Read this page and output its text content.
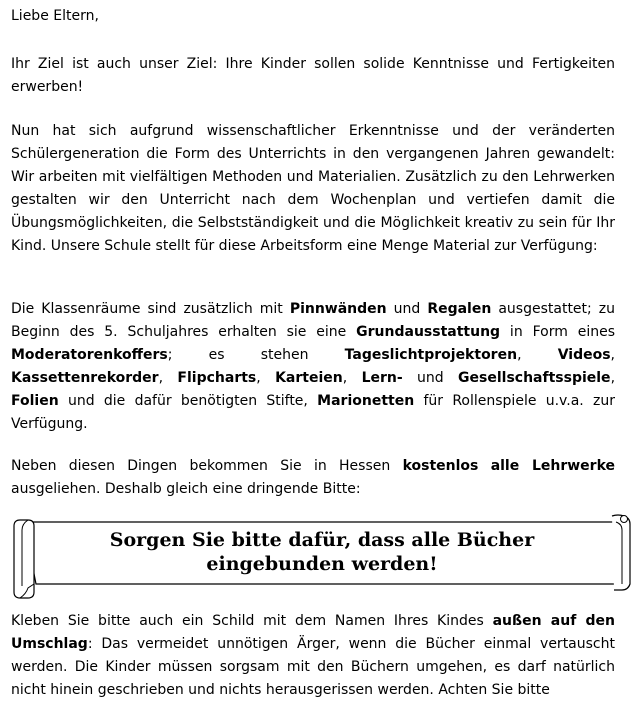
Liebe Eltern,

Ihr Ziel ist auch unser Ziel: Ihre Kinder sollen solide Kenntnisse und Fertigkeiten erwerben!

Nun hat sich aufgrund wissenschaftlicher Erkenntnisse und der veränderten Schülergeneration die Form des Unterrichts in den vergangenen Jahren gewandelt: Wir arbeiten mit vielfältigen Methoden und Materialien. Zusätzlich zu den Lehrwerken gestalten wir den Unterricht nach dem Wochenplan und vertiefen damit die Übungsmöglichkeiten, die Selbstständigkeit und die Möglichkeit kreativ zu sein für Ihr Kind. Unsere Schule stellt für diese Arbeitsform eine Menge Material zur Verfügung:

Die Klassenräume sind zusätzlich mit Pinnwänden und Regalen ausgestattet; zu Beginn des 5. Schuljahres erhalten sie eine Grundausstattung in Form eines Moderatorenkoffers; es stehen Tageslichtprojektoren, Videos, Kassettenrekorder, Flipcharts, Karteien, Lern- und Gesellschaftsspiele, Folien und die dafür benötigten Stifte, Marionetten für Rollenspiele u.v.a. zur Verfügung.

Neben diesen Dingen bekommen Sie in Hessen kostenlos alle Lehrwerke ausgeliehen. Deshalb gleich eine dringende Bitte:

Sorgen Sie bitte dafür, dass alle Bücher
eingebunden werden!

Kleben Sie bitte auch ein Schild mit dem Namen Ihres Kindes außen auf den Umschlag: Das vermeidet unnötigen Ärger, wenn die Bücher einmal vertauscht werden. Die Kinder müssen sorgsam mit den Büchern umgehen, es darf natürlich nicht hinein geschrieben und nichts herausgerissen werden. Achten Sie bitte
